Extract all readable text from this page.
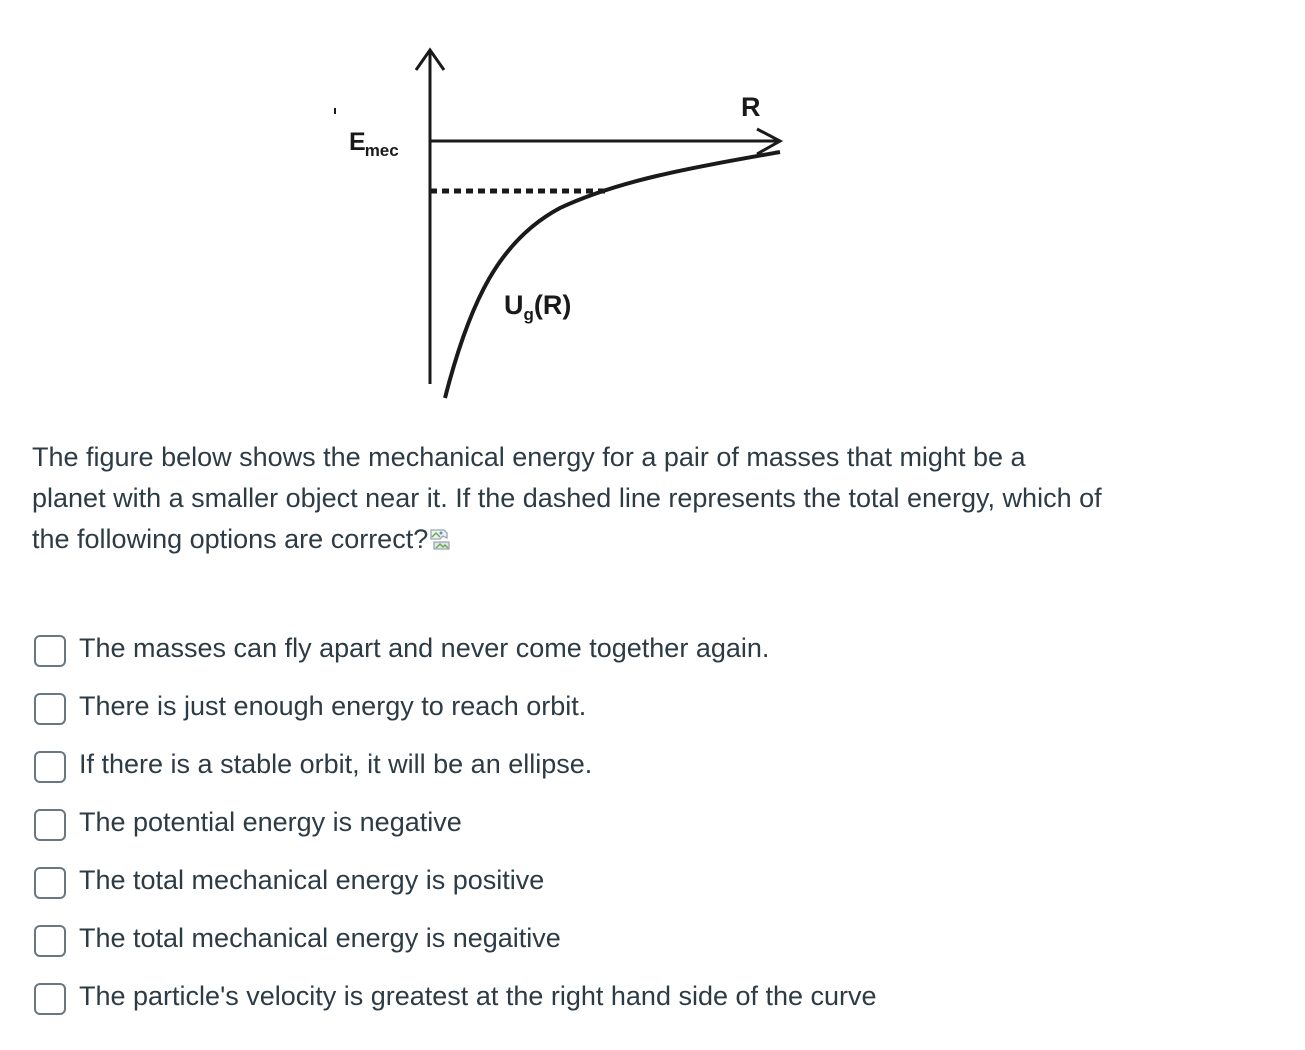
R
$E_{mec}$
$U_g(R)$
The figure below shows the mechanical energy for a pair of masses that might be a planet with a smaller object near it. If the dashed line represents the total energy, which of the following options are correct?
The masses can fly apart and never come together again.
There is just enough energy to reach orbit.
If there is a stable orbit, it will be an ellipse.
The potential energy is negative
The total mechanical energy is positive
The total mechanical energy is negaitive
The particle's velocity is greatest at the right hand side of the curve
